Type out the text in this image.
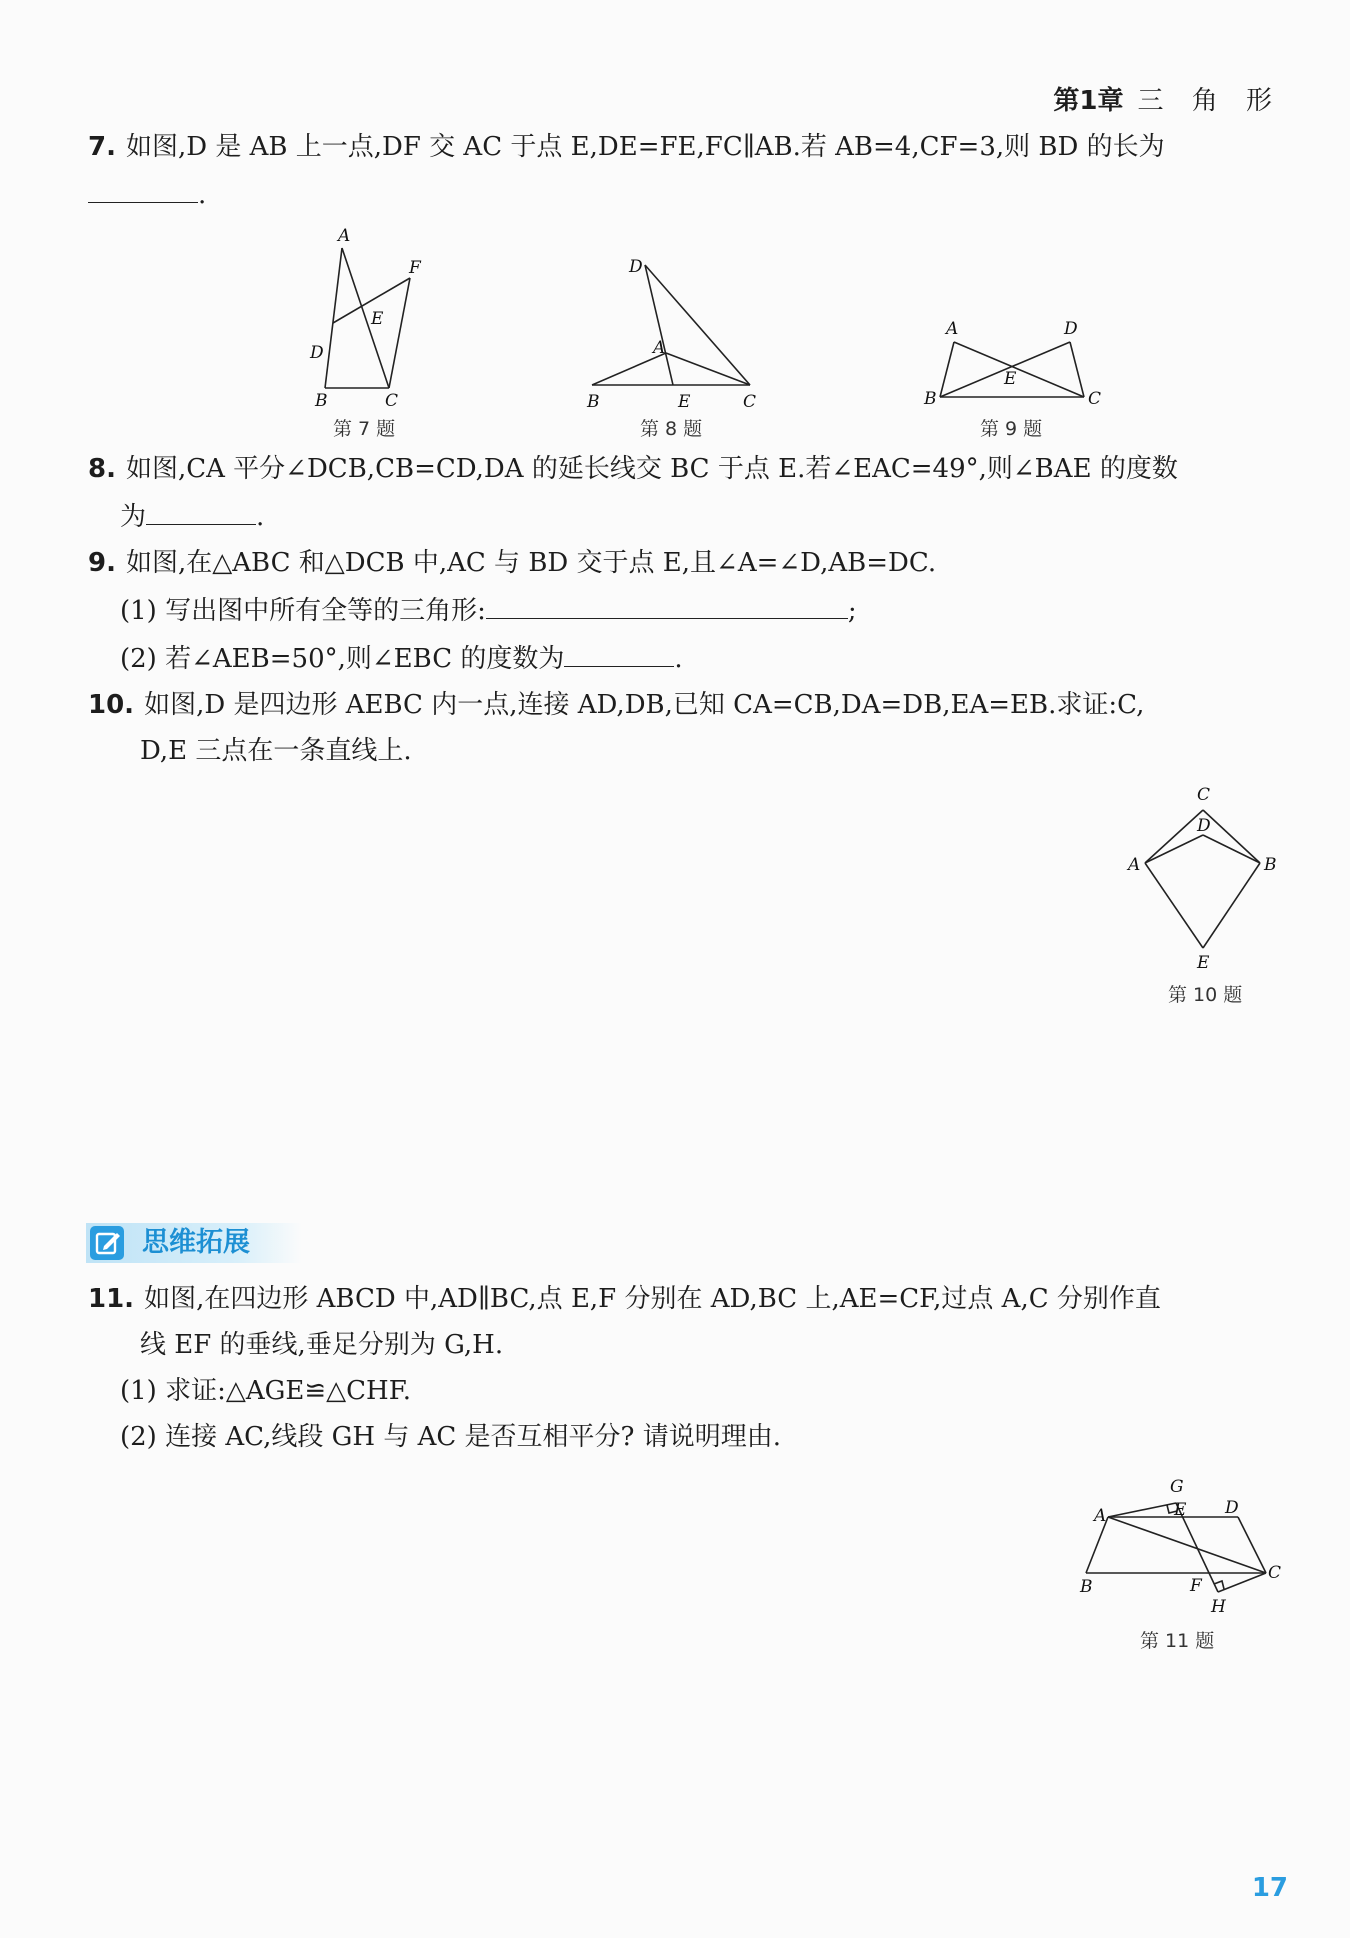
第1章 三 角 形
7. 如图,D 是 AB 上一点,DF 交 AC 于点 E,DE=FE,FC∥AB.若 AB=4,CF=3,则 BD 的长为
.
A
F
E
D
B	C
第 7 题
D
A
B	E	C
第 8 题
A	D
E
B	C
第 9 题
8. 如图,CA 平分∠DCB,CB=CD,DA 的延长线交 BC 于点 E.若∠EAC=49°,则∠BAE 的度数
为	.
9. 如图,在△ABC 和△DCB 中,AC 与 BD 交于点 E,且∠A=∠D,AB=DC.
(1) 写出图中所有全等的三角形:	;
(2) 若∠AEB=50°,则∠EBC 的度数为	.
10. 如图,D 是四边形 AEBC 内一点,连接 AD,DB,已知 CA=CB,DA=DB,EA=EB.求证:C,
D,E 三点在一条直线上.
C
D
A	B
E
第 10 题
思维拓展
11. 如图,在四边形 ABCD 中,AD∥BC,点 E,F 分别在 AD,BC 上,AE=CF,过点 A,C 分别作直
线 EF 的垂线,垂足分别为 G,H.
(1) 求证:△AGE≌△CHF.
(2) 连接 AC,线段 GH 与 AC 是否互相平分? 请说明理由.
G
E D
A
C
B	F
H
第 11 题
17
